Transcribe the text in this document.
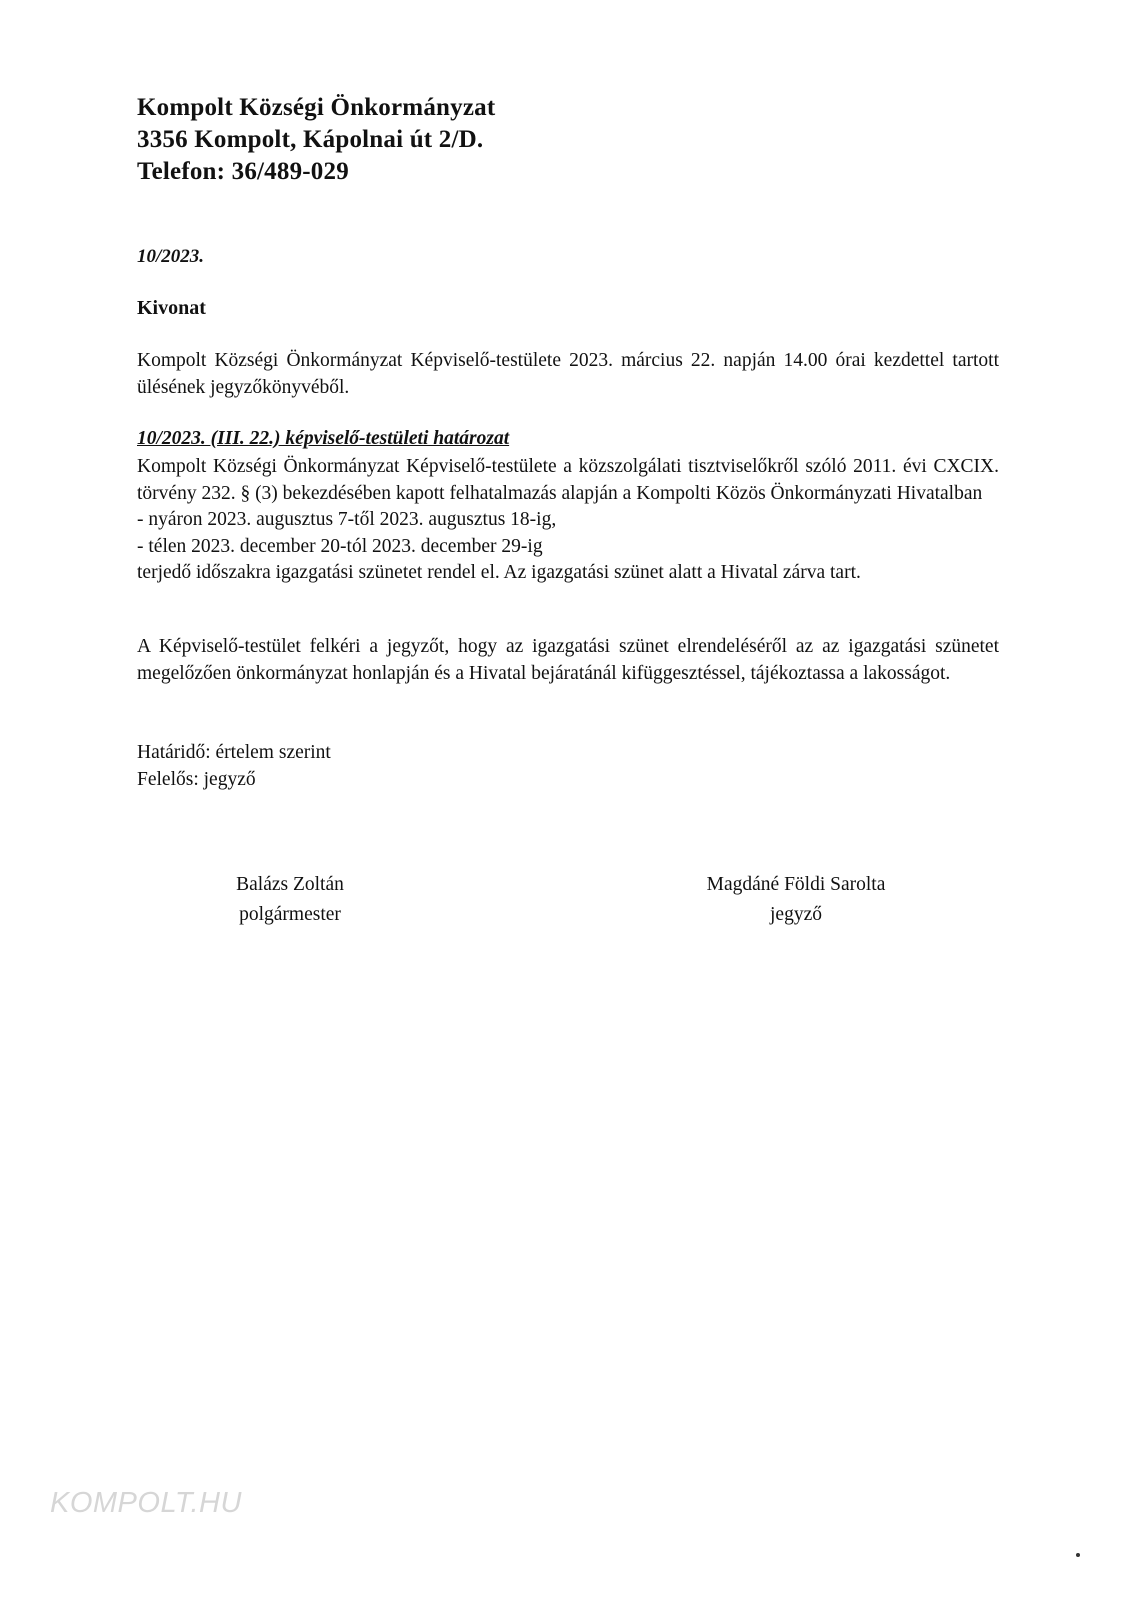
Kompolt Községi Önkormányzat
3356 Kompolt, Kápolnai út 2/D.
Telefon: 36/489-029
10/2023.
Kivonat
Kompolt Községi Önkormányzat Képviselő-testülete 2023. március 22. napján 14.00 órai kezdettel tartott ülésének jegyzőkönyvéből.
10/2023. (III. 22.) képviselő-testületi határozat
Kompolt Községi Önkormányzat Képviselő-testülete a közszolgálati tisztviselőkről szóló 2011. évi CXCIX. törvény 232. § (3) bekezdésében kapott felhatalmazás alapján a Kompolti Közös Önkormányzati Hivatalban
- nyáron 2023. augusztus 7-től 2023. augusztus 18-ig,
- télen 2023. december 20-tól 2023. december 29-ig
terjedő időszakra igazgatási szünetet rendel el. Az igazgatási szünet alatt a Hivatal zárva tart.
A Képviselő-testület felkéri a jegyzőt, hogy az igazgatási szünet elrendeléséről az az igazgatási szünetet megelőzően önkormányzat honlapján és a Hivatal bejáratánál kifüggesztéssel, tájékoztassa a lakosságot.
Határidő: értelem szerint
Felelős: jegyző
Balázs Zoltán
polgármester
Magdáné Földi Sarolta
jegyző
KOMPOLT.HU
